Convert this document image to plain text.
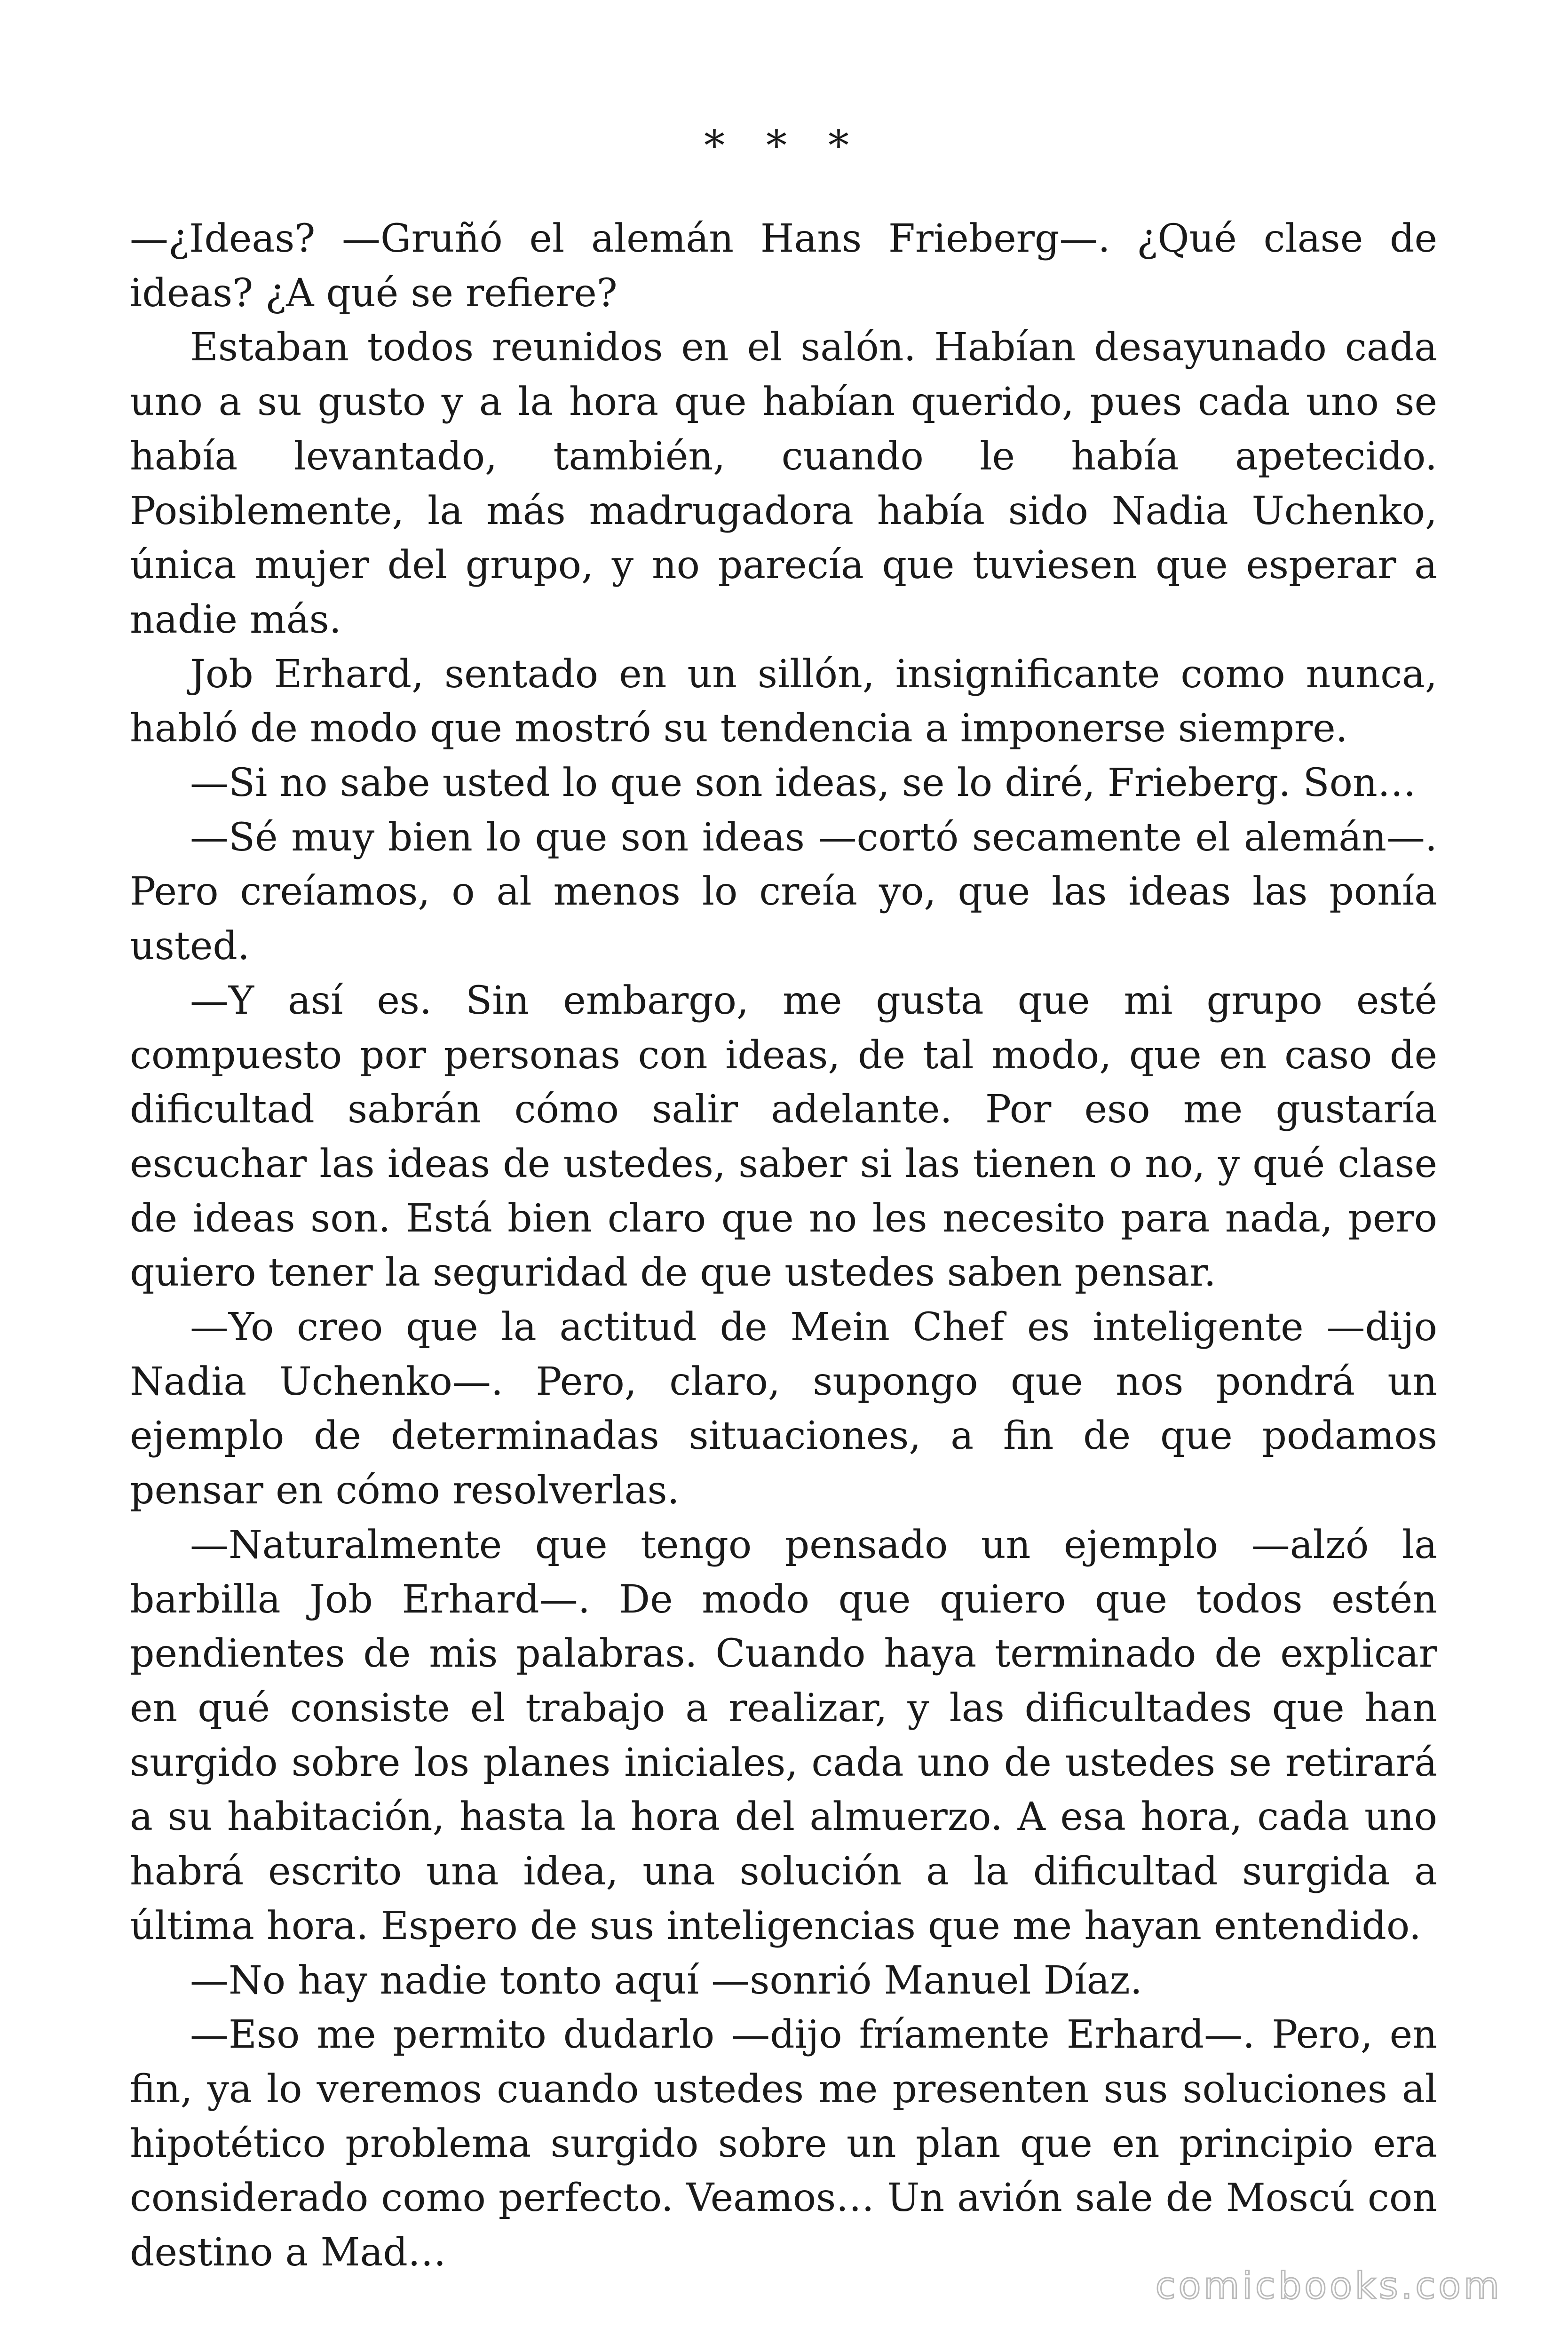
* * *

—¿Ideas? —Gruñó el alemán Hans Frieberg—. ¿Qué clase de ideas? ¿A qué se refiere?

Estaban todos reunidos en el salón. Habían desayunado cada uno a su gusto y a la hora que habían querido, pues cada uno se había levantado, también, cuando le había apetecido. Posiblemente, la más madrugadora había sido Nadia Uchenko, única mujer del grupo, y no parecía que tuviesen que esperar a nadie más.

Job Erhard, sentado en un sillón, insignificante como nunca, habló de modo que mostró su tendencia a imponerse siempre.

—Si no sabe usted lo que son ideas, se lo diré, Frieberg. Son…

—Sé muy bien lo que son ideas —cortó secamente el alemán—. Pero creíamos, o al menos lo creía yo, que las ideas las ponía usted.

—Y así es. Sin embargo, me gusta que mi grupo esté compuesto por personas con ideas, de tal modo, que en caso de dificultad sabrán cómo salir adelante. Por eso me gustaría escuchar las ideas de ustedes, saber si las tienen o no, y qué clase de ideas son. Está bien claro que no les necesito para nada, pero quiero tener la seguridad de que ustedes saben pensar.

—Yo creo que la actitud de Mein Chef es inteligente —dijo Nadia Uchenko—. Pero, claro, supongo que nos pondrá un ejemplo de determinadas situaciones, a fin de que podamos pensar en cómo resolverlas.

—Naturalmente que tengo pensado un ejemplo —alzó la barbilla Job Erhard—. De modo que quiero que todos estén pendientes de mis palabras. Cuando haya terminado de explicar en qué consiste el trabajo a realizar, y las dificultades que han surgido sobre los planes iniciales, cada uno de ustedes se retirará a su habitación, hasta la hora del almuerzo. A esa hora, cada uno habrá escrito una idea, una solución a la dificultad surgida a última hora. Espero de sus inteligencias que me hayan entendido.

—No hay nadie tonto aquí —sonrió Manuel Díaz.

—Eso me permito dudarlo —dijo fríamente Erhard—. Pero, en fin, ya lo veremos cuando ustedes me presenten sus soluciones al hipotético problema surgido sobre un plan que en principio era considerado como perfecto. Veamos… Un avión sale de Moscú con destino a Mad…

comicbooks.com
